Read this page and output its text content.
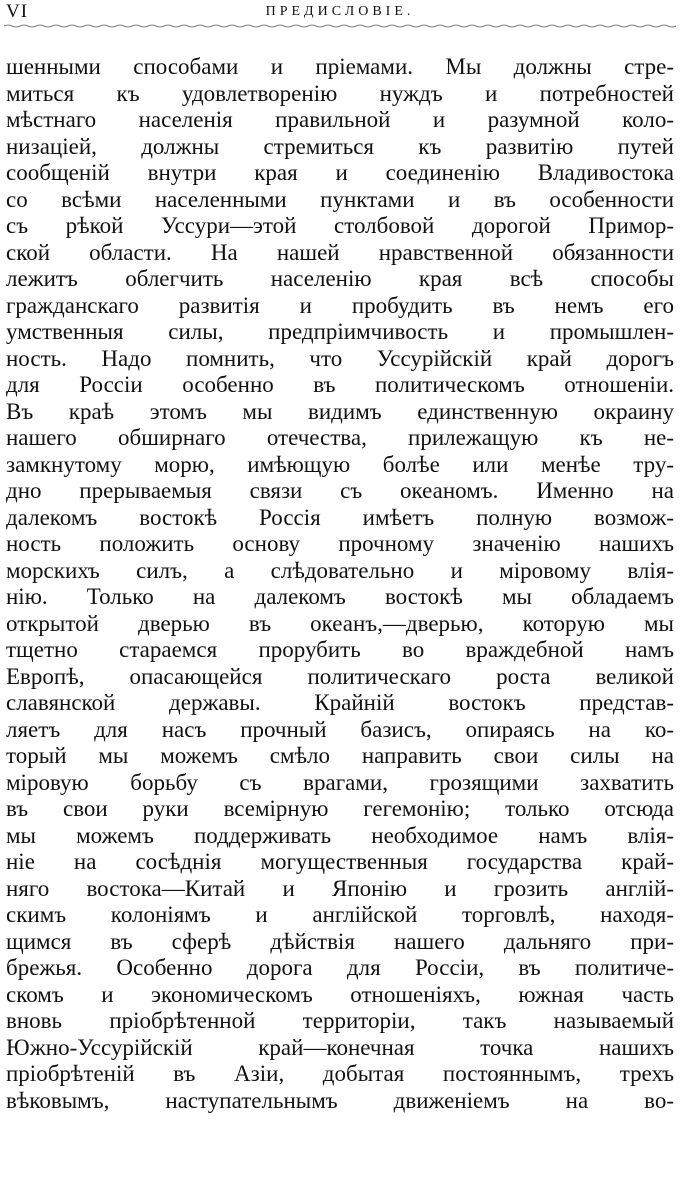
VI	ПРЕДИСЛОВІЕ.
шенными способами и пріемами. Мы должны стре-
миться къ удовлетворенію нуждъ и потребностей
мѣстнаго населенія правильной и разумной коло-
низаціей, должны стремиться къ развитію путей
сообщеній внутри края и соединенію Владивостока
со всѣми населенными пунктами и въ особенности
съ рѣкой Уссури—этой столбовой дорогой Примор-
ской области. На нашей нравственной обязанности
лежитъ облегчить населенію края всѣ способы
гражданскаго развитія и пробудить въ немъ его
умственныя силы, предпріимчивость и промышлен-
ность. Надо помнить, что Уссурійскій край дорогъ
для Россіи особенно въ политическомъ отношеніи.
Въ краѣ этомъ мы видимъ единственную окраину
нашего обширнаго отечества, прилежащую къ не-
замкнутому морю, имѣющую болѣе или менѣе тру-
дно прерываемыя связи съ океаномъ. Именно на
далекомъ востокѣ Россія имѣетъ полную возмож-
ность положить основу прочному значенію нашихъ
морскихъ силъ, а слѣдовательно и міровому влія-
нію. Только на далекомъ востокѣ мы обладаемъ
открытой дверью въ океанъ,—дверью, которую мы
тщетно стараемся прорубить во враждебной намъ
Европѣ, опасающейся политическаго роста великой
славянской державы. Крайній востокъ представ-
ляетъ для насъ прочный базисъ, опираясь на ко-
торый мы можемъ смѣло направить свои силы на
міровую борьбу съ врагами, грозящими захватить
въ свои руки всемірную гегемонію; только отсюда
мы можемъ поддерживать необходимое намъ влія-
ніе на сосѣднія могущественныя государства край-
няго востока—Китай и Японію и грозить англій-
скимъ колоніямъ и англійской торговлѣ, находя-
щимся въ сферѣ дѣйствія нашего дальняго при-
брежья. Особенно дорога для Россіи, въ политиче-
скомъ и экономическомъ отношеніяхъ, южная часть
вновь пріобрѣтенной территоріи, такъ называемый
Южно-Уссурійскій край—конечная точка нашихъ
пріобрѣтеній въ Азіи, добытая постояннымъ, трехъ
вѣковымъ, наступательнымъ движеніемъ на во-
